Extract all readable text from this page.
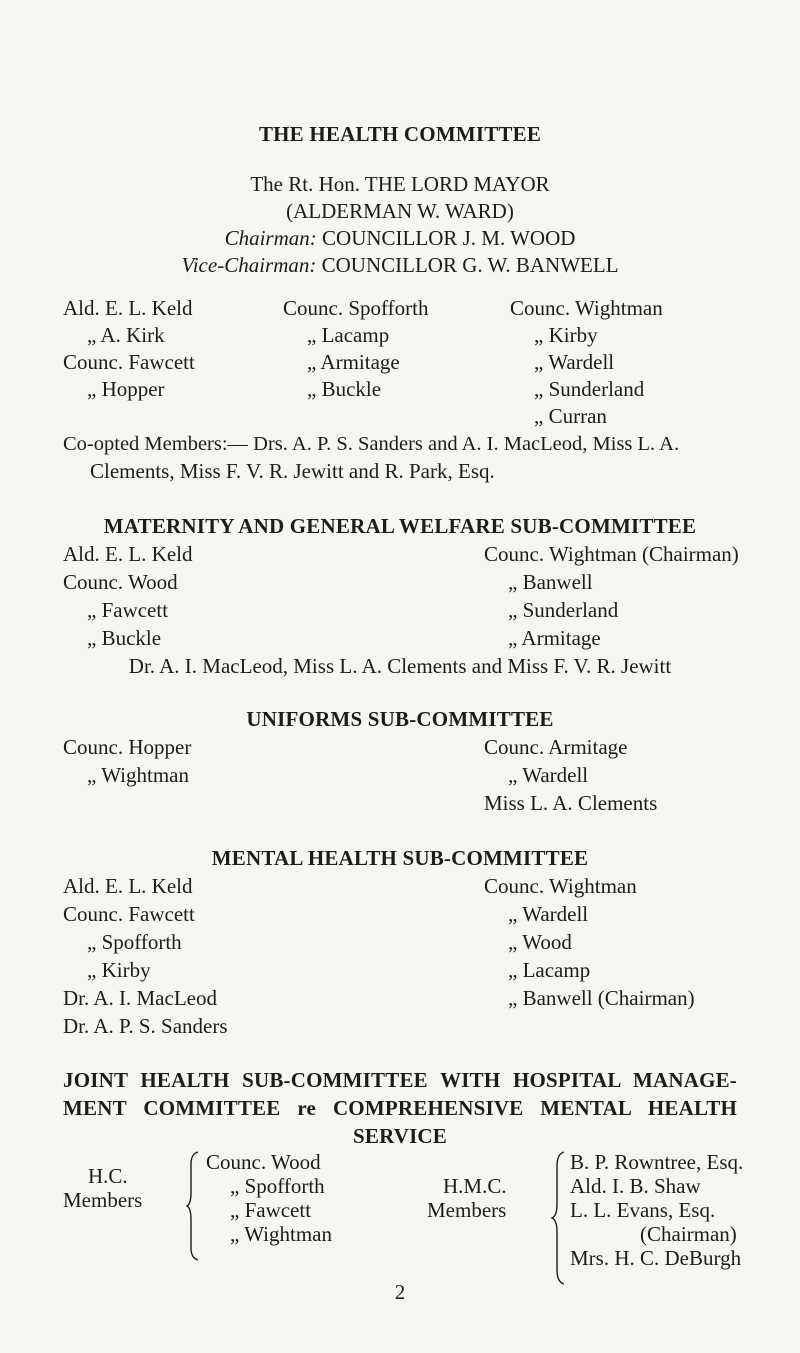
THE HEALTH COMMITTEE
The Rt. Hon. THE LORD MAYOR
(ALDERMAN W. WARD)
Chairman: COUNCILLOR J. M. WOOD
Vice-Chairman: COUNCILLOR G. W. BANWELL
Ald. E. L. Keld
„ A. Kirk
Counc. Fawcett
„ Hopper
Counc. Spofforth
„ Lacamp
„ Armitage
„ Buckle
Counc. Wightman
„ Kirby
„ Wardell
„ Sunderland
„ Curran
Co-opted Members:— Drs. A. P. S. Sanders and A. I. MacLeod, Miss L. A.
Clements, Miss F. V. R. Jewitt and R. Park, Esq.
MATERNITY AND GENERAL WELFARE SUB-COMMITTEE
Ald. E. L. Keld
Counc. Wood
„ Fawcett
„ Buckle
Counc. Wightman (Chairman)
„ Banwell
„ Sunderland
„ Armitage
Dr. A. I. MacLeod, Miss L. A. Clements and Miss F. V. R. Jewitt
UNIFORMS SUB-COMMITTEE
Counc. Hopper
„ Wightman
Counc. Armitage
„ Wardell
Miss L. A. Clements
MENTAL HEALTH SUB-COMMITTEE
Ald. E. L. Keld
Counc. Fawcett
„ Spofforth
„ Kirby
Dr. A. I. MacLeod
Dr. A. P. S. Sanders
Counc. Wightman
„ Wardell
„ Wood
„ Lacamp
„ Banwell (Chairman)
JOINT HEALTH SUB-COMMITTEE WITH HOSPITAL MANAGE-
MENT COMMITTEE re COMPREHENSIVE MENTAL HEALTH
SERVICE
H.C.
Members
Counc. Wood
„ Spofforth
„ Fawcett
„ Wightman
H.M.C.
Members
B. P. Rowntree, Esq.
Ald. I. B. Shaw
L. L. Evans, Esq.
(Chairman)
Mrs. H. C. DeBurgh
2
